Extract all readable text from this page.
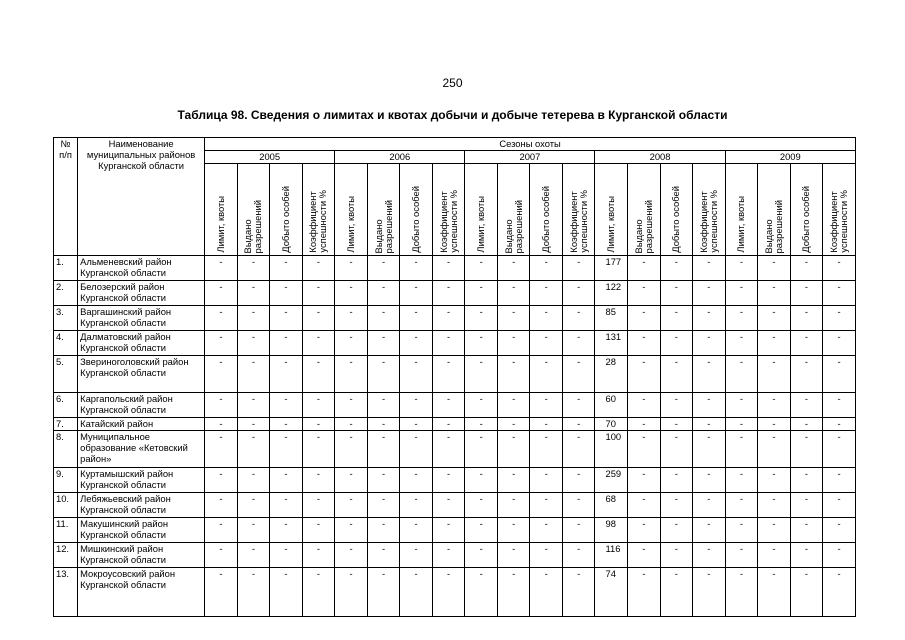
250
Таблица 98. Сведения о лимитах и квотах добычи и добыче тетерева в Курганской области
№
п/п	Наименование муниципальных районов Курганской области	Сезоны охоты																			
		2005				2006				2007				2008				2009			

		Лимит, квоты	Выдано
разрешений	Добыто особей	Коэффициент
успешности %	Лимит, квоты	Выдано
разрешений	Добыто особей	Коэффициент
успешности %	Лимит, квоты	Выдано
разрешений	Добыто особей	Коэффициент
успешности %	Лимит, квоты	Выдано
разрешений	Добыто особей	Коэффициент
успешности %	Лимит, квоты	Выдано
разрешений	Добыто особей	Коэффициент
успешности %

1.	Альменевский район Курганской области	-	-	-	-	-	-	-	-	-	-	-	-	177	-	-	-	-	-	-	-
2.	Белозерский район Курганской области	-	-	-	-	-	-	-	-	-	-	-	-	122	-	-	-	-	-	-	-
3.	Варгашинский район Курганской области	-	-	-	-	-	-	-	-	-	-	-	-	85	-	-	-	-	-	-	-
4.	Далматовский район Курганской области	-	-	-	-	-	-	-	-	-	-	-	-	131	-	-	-	-	-	-	-
5.	Звериноголовский район Курганской области	-	-	-	-	-	-	-	-	-	-	-	-	28	-	-	-	-	-	-	-
6.	Каргапольский район Курганской области	-	-	-	-	-	-	-	-	-	-	-	-	60	-	-	-	-	-	-	-
7.	Катайский район	-	-	-	-	-	-	-	-	-	-	-	-	70	-	-	-	-	-	-	-
8.	Муниципальное образование «Кетовский район»	-	-	-	-	-	-	-	-	-	-	-	-	100	-	-	-	-	-	-	-
9.	Куртамышский район Курганской области	-	-	-	-	-	-	-	-	-	-	-	-	259	-	-	-	-	-	-	-
10.	Лебяжьевский район Курганской области	-	-	-	-	-	-	-	-	-	-	-	-	68	-	-	-	-	-	-	-
11.	Макушинский район Курганской области	-	-	-	-	-	-	-	-	-	-	-	-	98	-	-	-	-	-	-	-
12.	Мишкинский район Курганской области	-	-	-	-	-	-	-	-	-	-	-	-	116	-	-	-	-	-	-	-
13.	Мокроусовский район Курганской области	-	-	-	-	-	-	-	-	-	-	-	-	74	-	-	-	-	-	-	-
